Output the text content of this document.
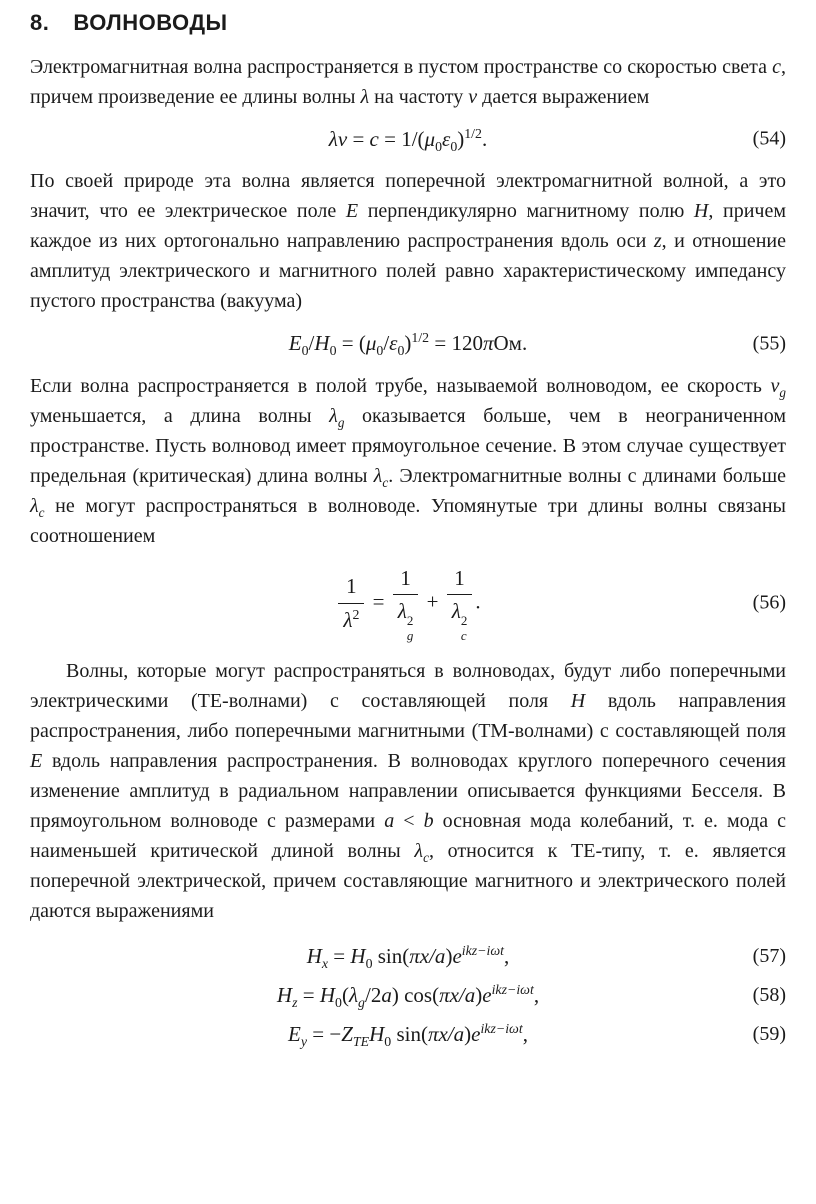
8. ВОЛНОВОДЫ

Электромагнитная волна распространяется в пустом пространстве со скоростью света c, причем произведение ее длины волны λ на частоту ν дается выражением

$\lambda\nu = c = 1/(\mu_0\varepsilon_0)^{1/2}$.	(54)

По своей природе эта волна является поперечной электромагнитной волной, а это значит, что ее электрическое поле E перпендикулярно магнитному полю H, причем каждое из них ортогонально направлению распространения вдоль оси z, и отношение амплитуд электрического и магнитного полей равно характеристическому импедансу пустого пространства (вакуума)

$E_0/H_0 = (\mu_0/\varepsilon_0)^{1/2} = 120\pi Ом$.	(55)

Если волна распространяется в полой трубе, называемой волноводом, ее скорость $v_g$ уменьшается, а длина волны $\lambda_g$ оказывается больше, чем в неограниченном пространстве. Пусть волновод имеет прямоугольное сечение. В этом случае существует предельная (критическая) длина волны $\lambda_c$. Электромагнитные волны с длинами больше $\lambda_c$ не могут распространяться в волноводе. Упомянутые три длины волны связаны соотношением

$\frac{1}{\lambda^2} = 1$
λ 2
g + 1
λ 2
c .	(56)

Волны, которые могут распространяться в волноводах, будут либо поперечными электрическими (ТЕ-волнами) с составляющей поля H вдоль направления распространения, либо поперечными магнитными (ТМ-волнами) с составляющей поля E вдоль направления распространения. В волноводах круглого поперечного сечения изменение амплитуд в радиальном направлении описывается функциями Бесселя. В прямоугольном волноводе с размерами a < b основная мода колебаний, т. е. мода с наименьшей критической длиной волны $\lambda_c$, относится к ТЕ-типу, т. е. является поперечной электрической, причем составляющие магнитного и электрического полей даются выражениями

$H_x = H_0$ $\sin(\pi x/a)e^{ikz-i\omega t}$,	(57)
$H_z = H_0(\lambda_g/2a)$ $\cos(\pi x/a)e^{ikz-i\omega t}$,	(58)
$E_y = -Z_{TE}H_0$ $\sin(\pi x/a)e^{ikz-i\omega t}$,	(59)
